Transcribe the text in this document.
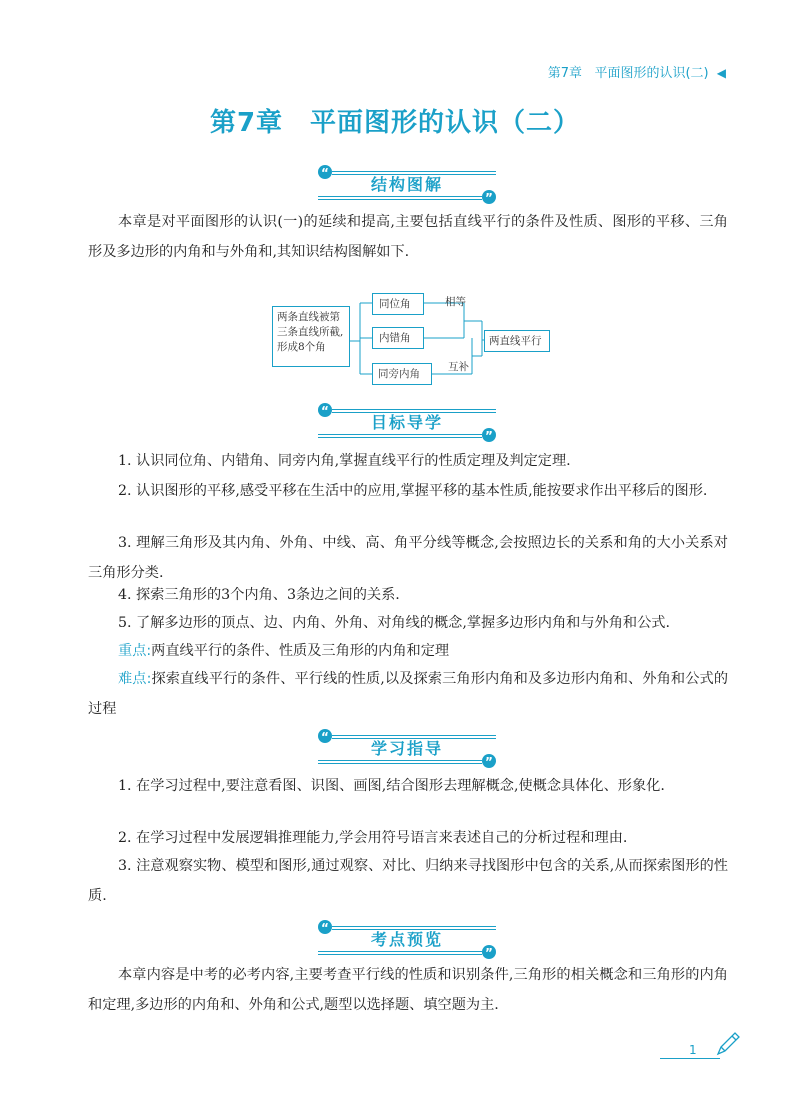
第7章 平面图形的认识(二) ◀
第7章　平面图形的认识（二）
“
”
结构图解

本章是对平面图形的认识(一)的延续和提高,主要包括直线平行的条件及性质、图形的平移、三角形及多边形的内角和与外角和,其知识结构图解如下.

两条直线被第三条直线所截,形成8个角
同位角
内错角
同旁内角
相等
互补
两直线平行
“
”
目标导学

1. 认识同位角、内错角、同旁内角,掌握直线平行的性质定理及判定定理.

2. 认识图形的平移,感受平移在生活中的应用,掌握平移的基本性质,能按要求作出平移后的图形.

3. 理解三角形及其内角、外角、中线、高、角平分线等概念,会按照边长的关系和角的大小关系对三角形分类.

4. 探索三角形的3个内角、3条边之间的关系.

5. 了解多边形的顶点、边、内角、外角、对角线的概念,掌握多边形内角和与外角和公式.

重点:两直线平行的条件、性质及三角形的内角和定理

难点:探索直线平行的条件、平行线的性质,以及探索三角形内角和及多边形内角和、外角和公式的过程

“
”
学习指导

1. 在学习过程中,要注意看图、识图、画图,结合图形去理解概念,使概念具体化、形象化.

2. 在学习过程中发展逻辑推理能力,学会用符号语言来表述自己的分析过程和理由.

3. 注意观察实物、模型和图形,通过观察、对比、归纳来寻找图形中包含的关系,从而探索图形的性质.

“
”
考点预览

本章内容是中考的必考内容,主要考查平行线的性质和识别条件,三角形的相关概念和三角形的内角和定理,多边形的内角和、外角和公式,题型以选择题、填空题为主.

1
